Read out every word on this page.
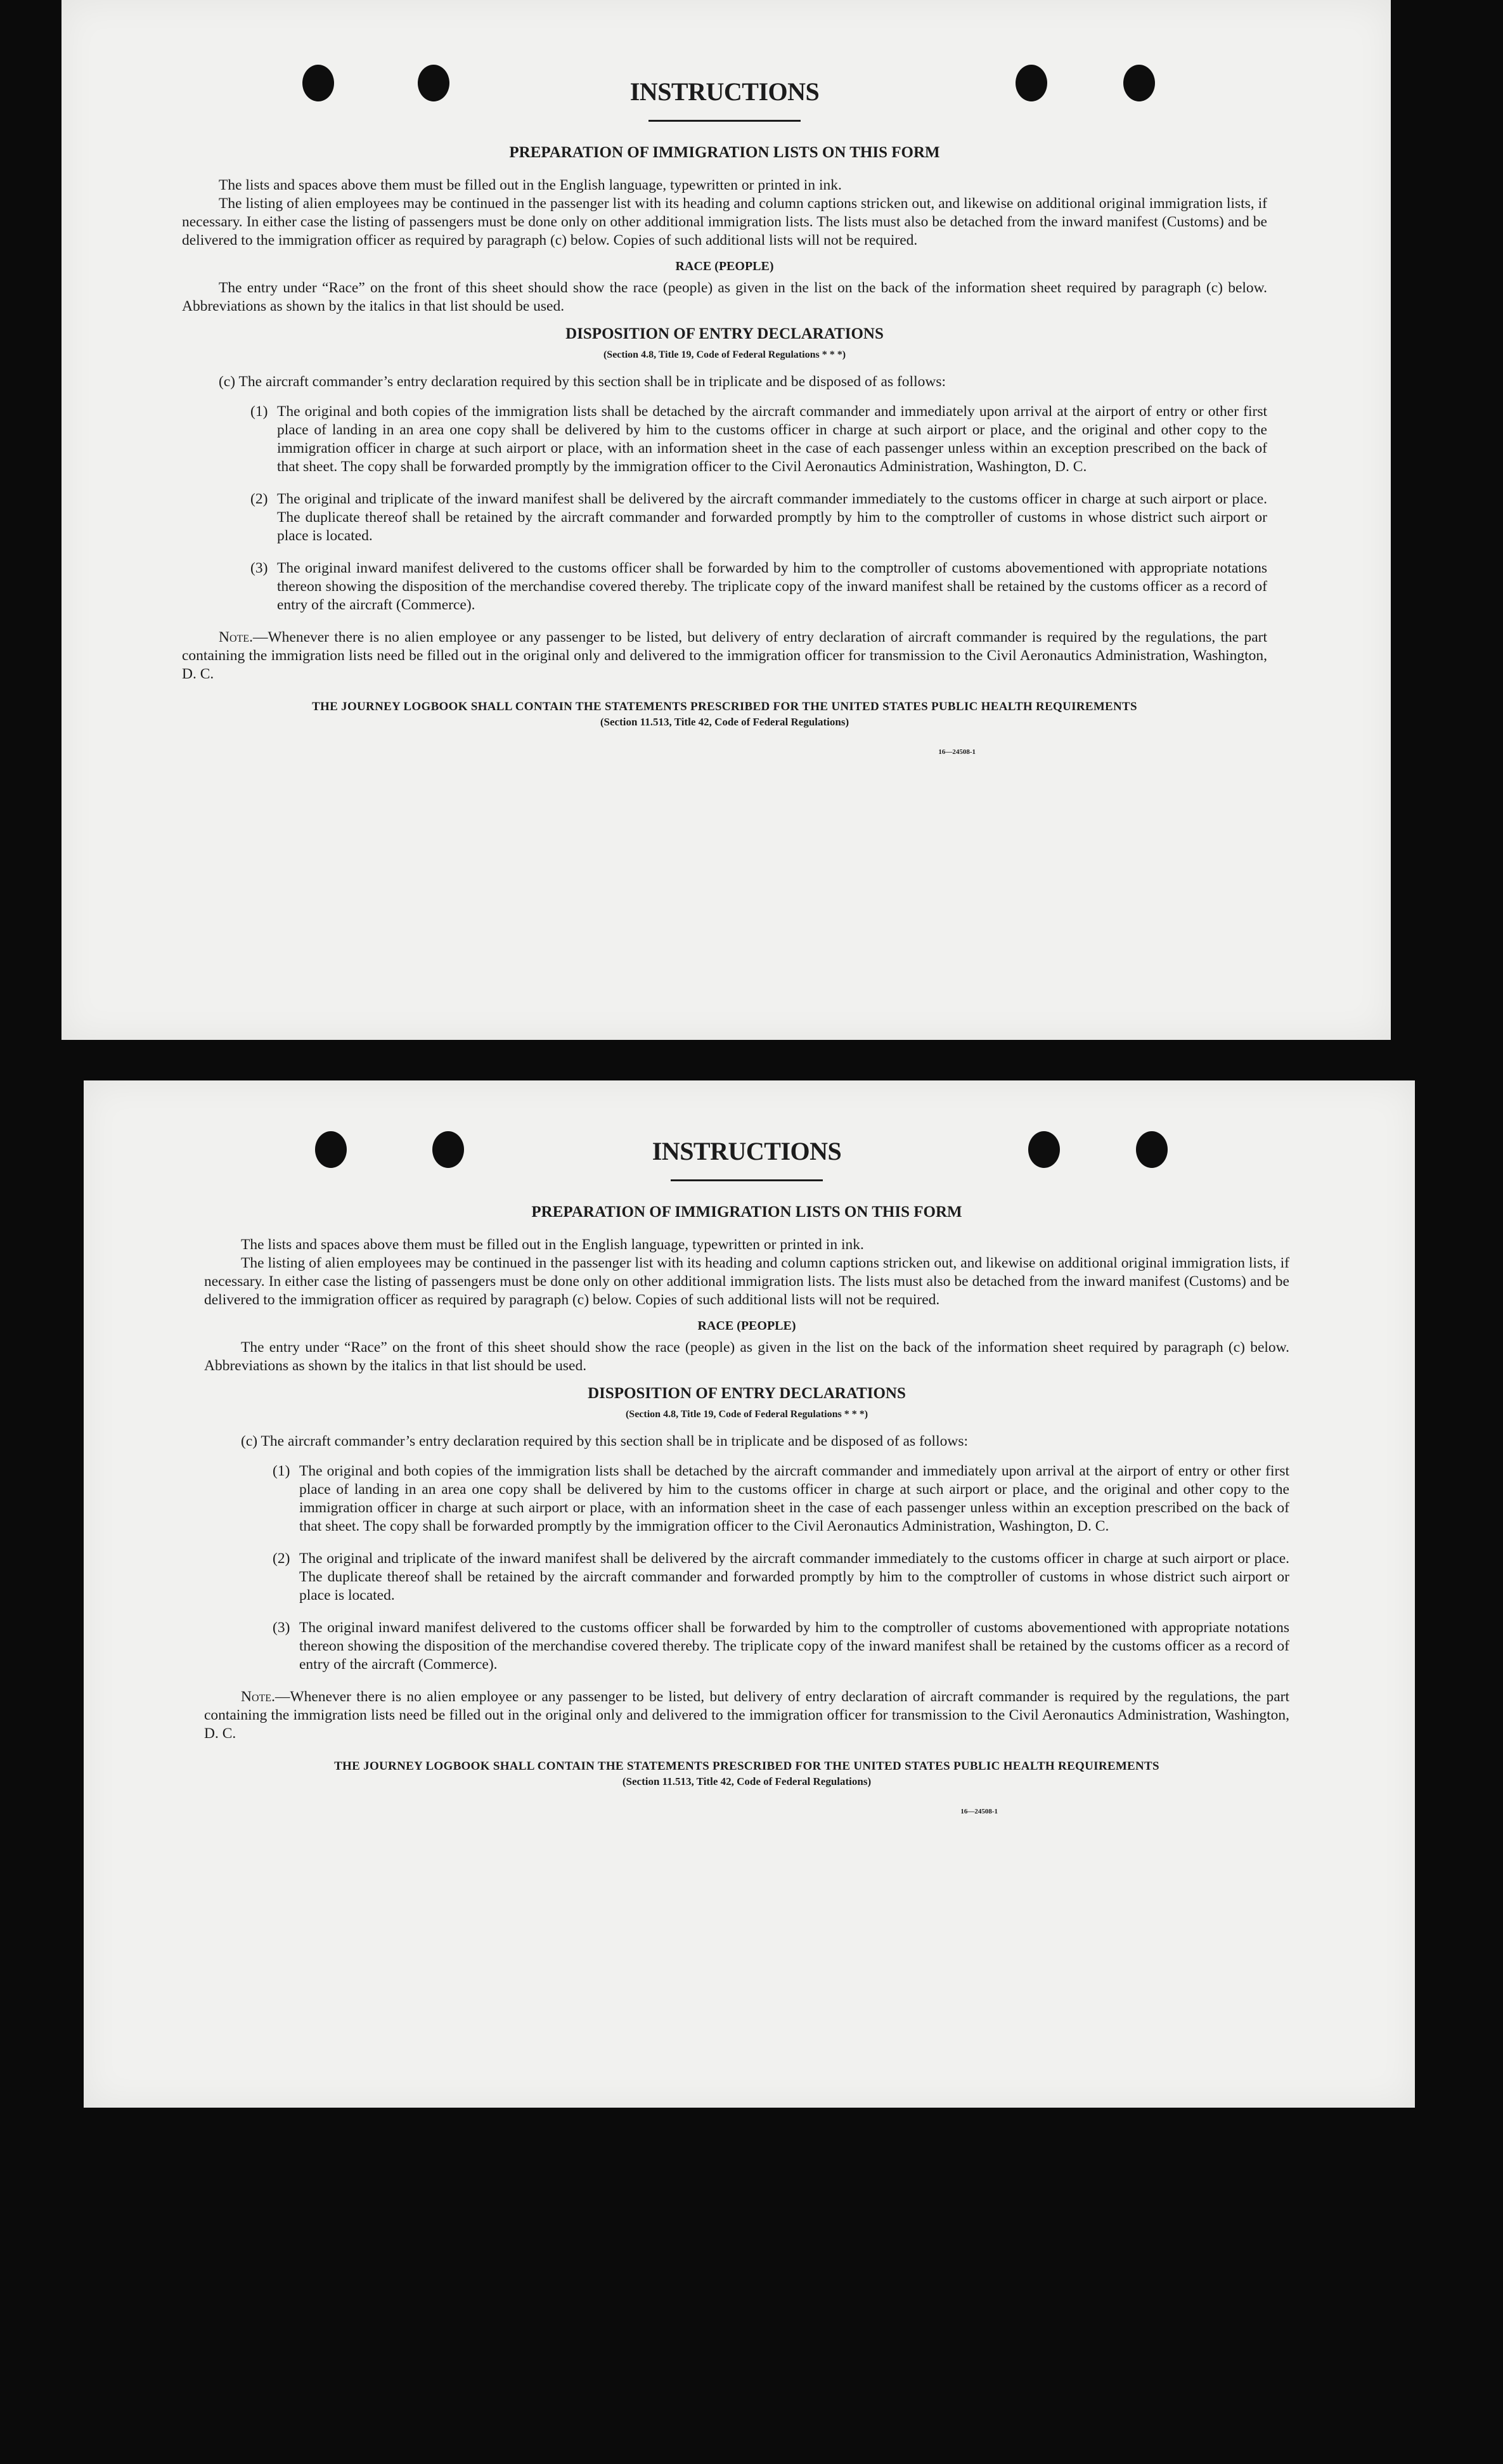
INSTRUCTIONS
PREPARATION OF IMMIGRATION LISTS ON THIS FORM

The lists and spaces above them must be filled out in the English language, typewritten or printed in ink.

The listing of alien employees may be continued in the passenger list with its heading and column captions stricken out, and likewise on additional original immigration lists, if necessary. In either case the listing of passengers must be done only on other additional immigration lists. The lists must also be detached from the inward manifest (Customs) and be delivered to the immigration officer as required by paragraph (c) below. Copies of such additional lists will not be required.

RACE (PEOPLE)

The entry under “Race” on the front of this sheet should show the race (people) as given in the list on the back of the information sheet required by paragraph (c) below. Abbreviations as shown by the italics in that list should be used.

DISPOSITION OF ENTRY DECLARATIONS
(Section 4.8, Title 19, Code of Federal Regulations * * *)

(c) The aircraft commander’s entry declaration required by this section shall be in triplicate and be disposed of as follows:

(1) The original and both copies of the immigration lists shall be detached by the aircraft commander and immediately upon arrival at the airport of entry or other first place of landing in an area one copy shall be delivered by him to the customs officer in charge at such airport or place, and the original and other copy to the immigration officer in charge at such airport or place, with an information sheet in the case of each passenger unless within an exception prescribed on the back of that sheet. The copy shall be forwarded promptly by the immigration officer to the Civil Aeronautics Administration, Washington, D. C.
(2) The original and triplicate of the inward manifest shall be delivered by the aircraft commander immediately to the customs officer in charge at such airport or place. The duplicate thereof shall be retained by the aircraft commander and forwarded promptly by him to the comptroller of customs in whose district such airport or place is located.
(3) The original inward manifest delivered to the customs officer shall be forwarded by him to the comptroller of customs abovementioned with appropriate notations thereon showing the disposition of the merchandise covered thereby. The triplicate copy of the inward manifest shall be retained by the customs officer as a record of entry of the aircraft (Commerce).

Note.—Whenever there is no alien employee or any passenger to be listed, but delivery of entry declaration of aircraft commander is required by the regulations, the part containing the immigration lists need be filled out in the original only and delivered to the immigration officer for transmission to the Civil Aeronautics Administration, Washington, D. C.

THE JOURNEY LOGBOOK SHALL CONTAIN THE STATEMENTS PRESCRIBED FOR THE UNITED STATES PUBLIC HEALTH REQUIREMENTS
(Section 11.513, Title 42, Code of Federal Regulations)
16—24508-1
INSTRUCTIONS
PREPARATION OF IMMIGRATION LISTS ON THIS FORM

The lists and spaces above them must be filled out in the English language, typewritten or printed in ink.

The listing of alien employees may be continued in the passenger list with its heading and column captions stricken out, and likewise on additional original immigration lists, if necessary. In either case the listing of passengers must be done only on other additional immigration lists. The lists must also be detached from the inward manifest (Customs) and be delivered to the immigration officer as required by paragraph (c) below. Copies of such additional lists will not be required.

RACE (PEOPLE)

The entry under “Race” on the front of this sheet should show the race (people) as given in the list on the back of the information sheet required by paragraph (c) below. Abbreviations as shown by the italics in that list should be used.

DISPOSITION OF ENTRY DECLARATIONS
(Section 4.8, Title 19, Code of Federal Regulations * * *)

(c) The aircraft commander’s entry declaration required by this section shall be in triplicate and be disposed of as follows:

(1) The original and both copies of the immigration lists shall be detached by the aircraft commander and immediately upon arrival at the airport of entry or other first place of landing in an area one copy shall be delivered by him to the customs officer in charge at such airport or place, and the original and other copy to the immigration officer in charge at such airport or place, with an information sheet in the case of each passenger unless within an exception prescribed on the back of that sheet. The copy shall be forwarded promptly by the immigration officer to the Civil Aeronautics Administration, Washington, D. C.
(2) The original and triplicate of the inward manifest shall be delivered by the aircraft commander immediately to the customs officer in charge at such airport or place. The duplicate thereof shall be retained by the aircraft commander and forwarded promptly by him to the comptroller of customs in whose district such airport or place is located.
(3) The original inward manifest delivered to the customs officer shall be forwarded by him to the comptroller of customs abovementioned with appropriate notations thereon showing the disposition of the merchandise covered thereby. The triplicate copy of the inward manifest shall be retained by the customs officer as a record of entry of the aircraft (Commerce).

Note.—Whenever there is no alien employee or any passenger to be listed, but delivery of entry declaration of aircraft commander is required by the regulations, the part containing the immigration lists need be filled out in the original only and delivered to the immigration officer for transmission to the Civil Aeronautics Administration, Washington, D. C.

THE JOURNEY LOGBOOK SHALL CONTAIN THE STATEMENTS PRESCRIBED FOR THE UNITED STATES PUBLIC HEALTH REQUIREMENTS
(Section 11.513, Title 42, Code of Federal Regulations)
16—24508-1
